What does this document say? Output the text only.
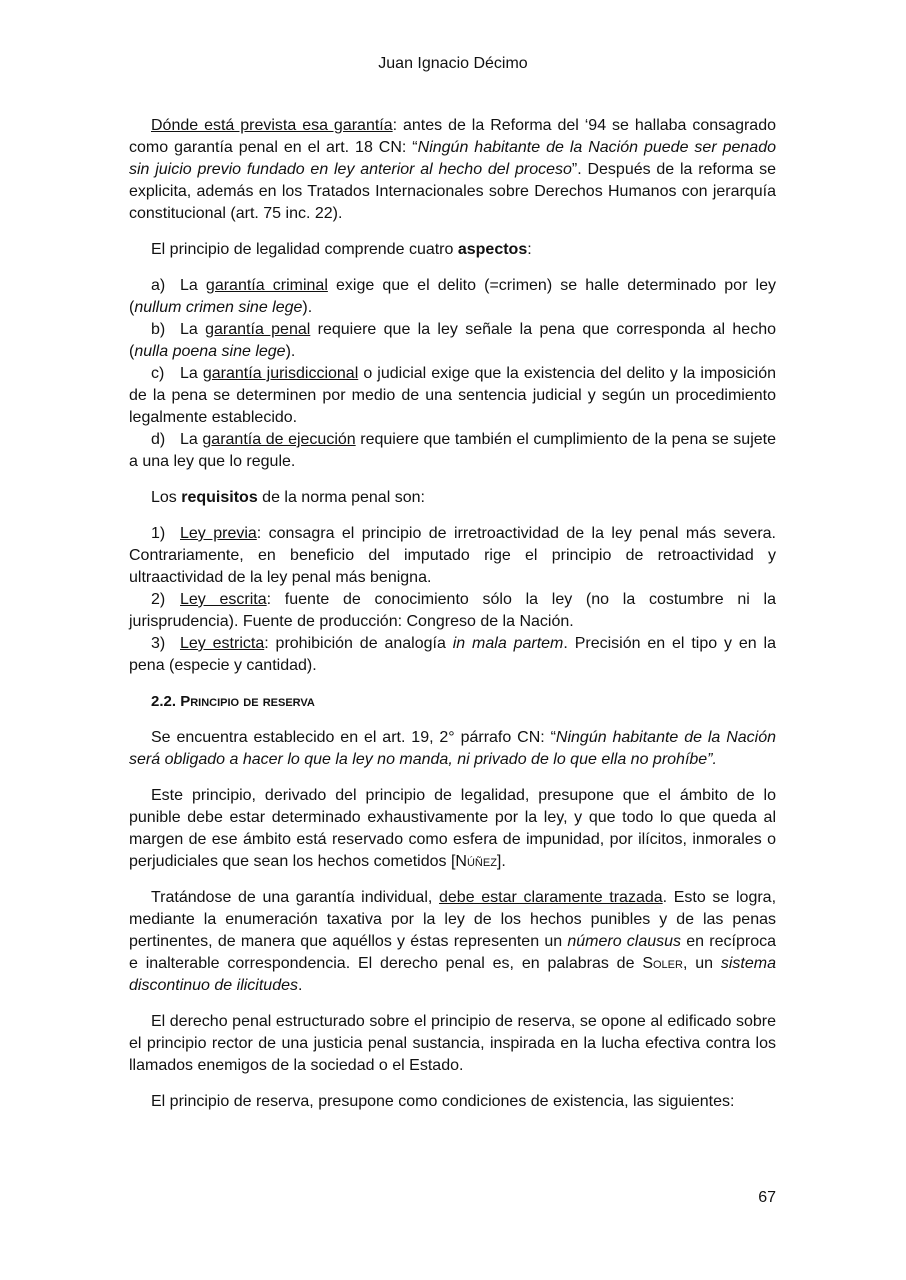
Juan Ignacio Décimo

Dónde está prevista esa garantía: antes de la Reforma del ‘94 se hallaba consagrado como garantía penal en el art. 18 CN: “Ningún habitante de la Nación puede ser penado sin juicio previo fundado en ley anterior al hecho del proceso”. Después de la reforma se explicita, además en los Tratados Internacionales sobre Derechos Humanos con jerarquía constitucional (art. 75 inc. 22).

El principio de legalidad comprende cuatro aspectos:

a) La garantía criminal exige que el delito (=crimen) se halle determinado por ley (nullum crimen sine lege).

b) La garantía penal requiere que la ley señale la pena que corresponda al hecho (nulla poena sine lege).

c) La garantía jurisdiccional o judicial exige que la existencia del delito y la imposición de la pena se determinen por medio de una sentencia judicial y según un procedimiento legalmente establecido.

d) La garantía de ejecución requiere que también el cumplimiento de la pena se sujete a una ley que lo regule.

Los requisitos de la norma penal son:

1) Ley previa: consagra el principio de irretroactividad de la ley penal más severa. Contrariamente, en beneficio del imputado rige el principio de retroactividad y ultraactividad de la ley penal más benigna.

2) Ley escrita: fuente de conocimiento sólo la ley (no la costumbre ni la jurisprudencia). Fuente de producción: Congreso de la Nación.

3) Ley estricta: prohibición de analogía in mala partem. Precisión en el tipo y en la pena (especie y cantidad).

2.2. Principio de reserva

Se encuentra establecido en el art. 19, 2° párrafo CN: “Ningún habitante de la Nación será obligado a hacer lo que la ley no manda, ni privado de lo que ella no prohíbe”.

Este principio, derivado del principio de legalidad, presupone que el ámbito de lo punible debe estar determinado exhaustivamente por la ley, y que todo lo que queda al margen de ese ámbito está reservado como esfera de impunidad, por ilícitos, inmorales o perjudiciales que sean los hechos cometidos [Núñez].

Tratándose de una garantía individual, debe estar claramente trazada. Esto se logra, mediante la enumeración taxativa por la ley de los hechos punibles y de las penas pertinentes, de manera que aquéllos y éstas representen un número clausus en recíproca e inalterable correspondencia. El derecho penal es, en palabras de Soler, un sistema discontinuo de ilicitudes.

El derecho penal estructurado sobre el principio de reserva, se opone al edificado sobre el principio rector de una justicia penal sustancia, inspirada en la lucha efectiva contra los llamados enemigos de la sociedad o el Estado.

El principio de reserva, presupone como condiciones de existencia, las siguientes:

67
